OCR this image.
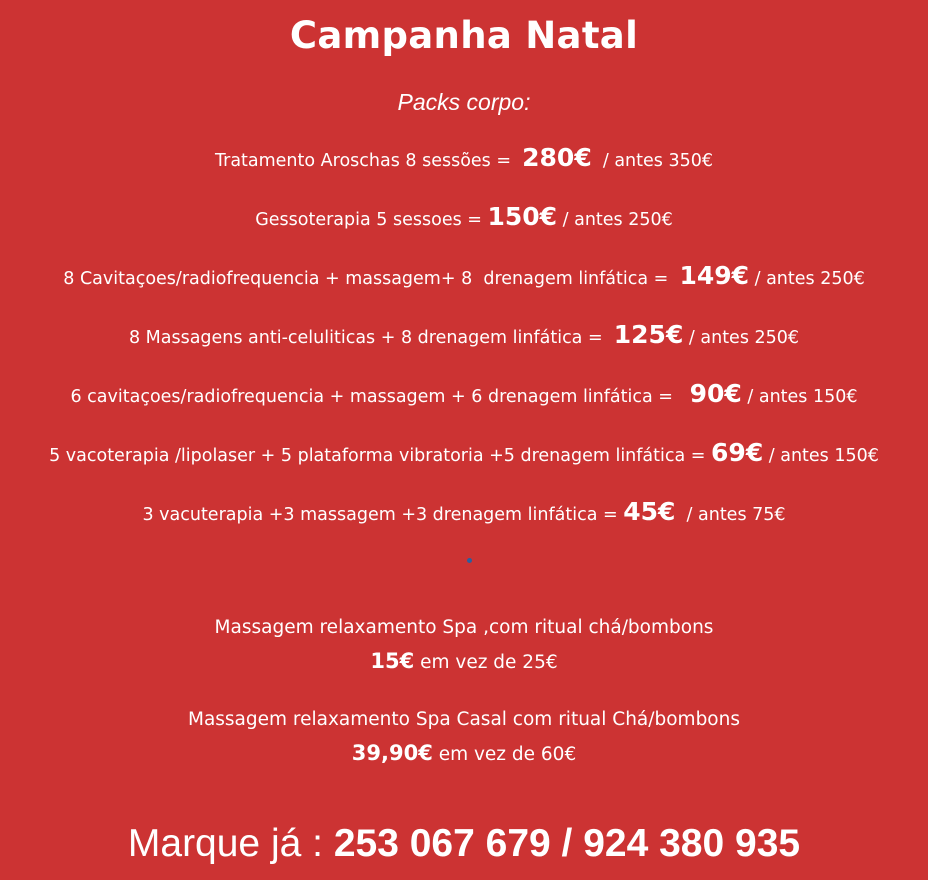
Campanha Natal
Packs corpo:
Tratamento Aroschas 8 sessões =  280€  / antes 350€
Gessoterapia 5 sessoes = 150€ / antes 250€
8 Cavitaçoes/radiofrequencia + massagem+ 8  drenagem linfática =  149€ / antes 250€
8 Massagens anti-celuliticas + 8 drenagem linfática =  125€ / antes 250€
6 cavitaçoes/radiofrequencia + massagem + 6 drenagem linfática =   90€ / antes 150€
5 vacoterapia /lipolaser + 5 plataforma vibratoria +5 drenagem linfática = 69€ / antes 150€
3 vacuterapia +3 massagem +3 drenagem linfática = 45€  / antes 75€
Massagem relaxamento Spa ,com ritual chá/bombons
15€ em vez de 25€
Massagem relaxamento Spa Casal com ritual Chá/bombons
39,90€ em vez de 60€
Marque já : 253 067 679 / 924 380 935
